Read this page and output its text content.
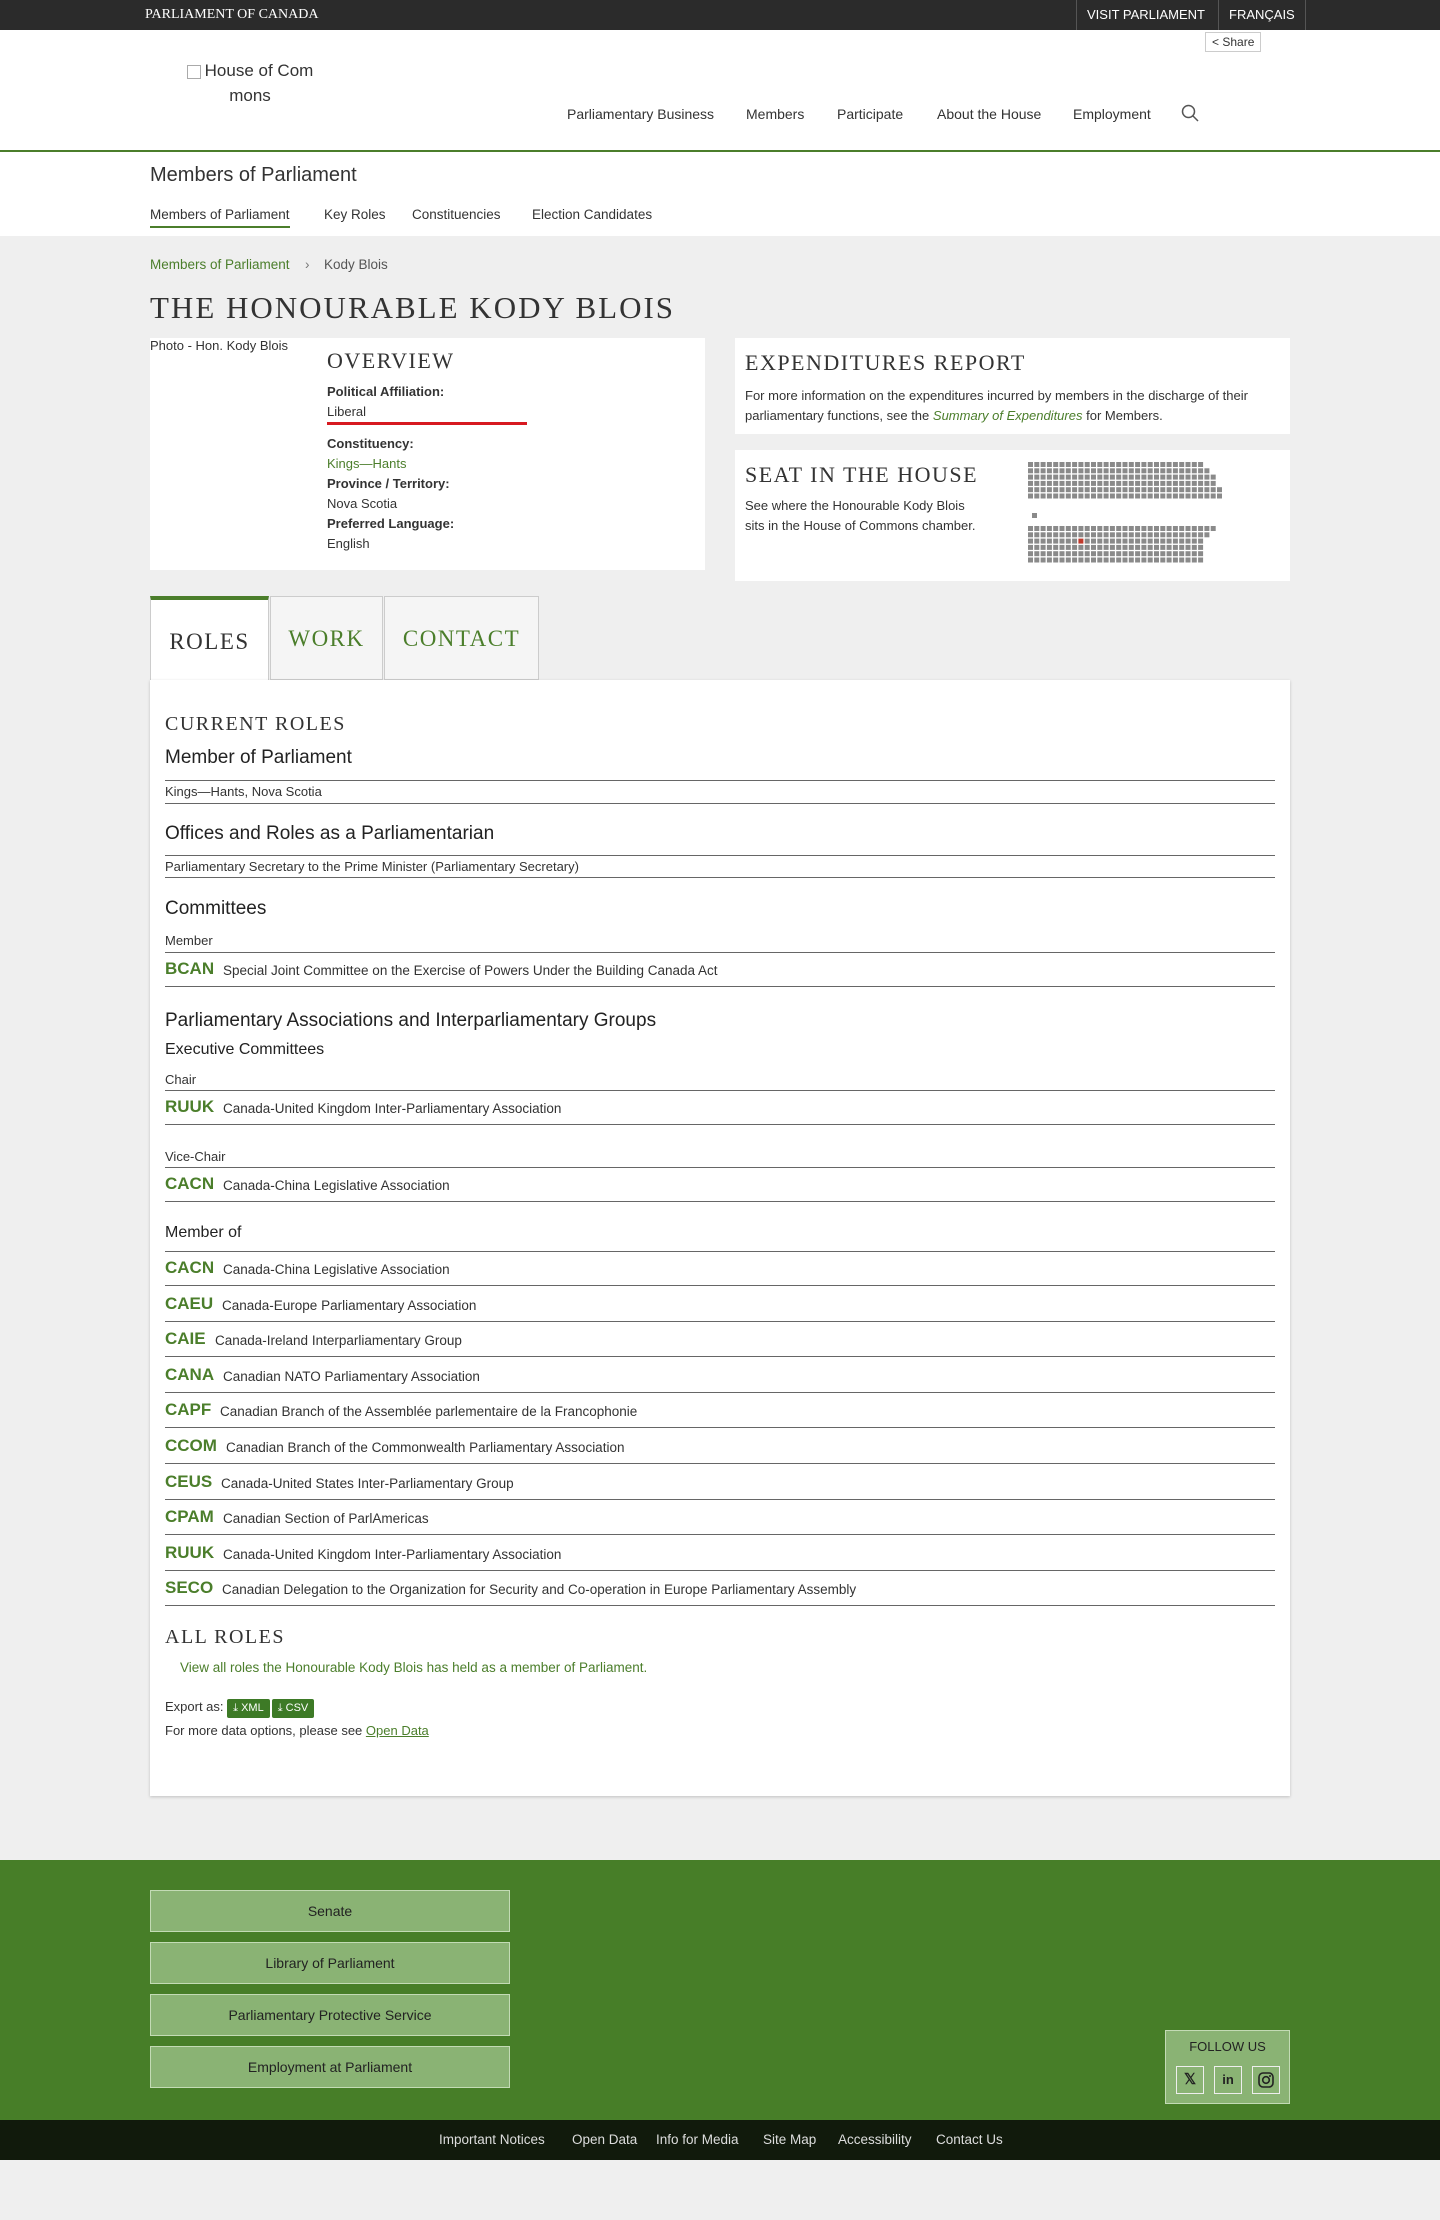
PARLIAMENT OF CANADA	VISIT PARLIAMENT	FRANÇAIS
< Share
House of Com
mons
Parliamentary Business Members Participate About the House Employment
Members of Parliament
Members of Parliament	Key Roles Constituencies Election Candidates
Members of Parliament › Kody Blois
THE HONOURABLE KODY BLOIS
Photo - Hon. Kody Blois
OVERVIEW
Political Affiliation:
Liberal
Constituency:
Kings—Hants
Province / Territory:
Nova Scotia
Preferred Language:
English
EXPENDITURES REPORT
For more information on the expenditures incurred by members in the discharge of their parliamentary functions, see the Summary of Expenditures for Members.
SEAT IN THE HOUSE
See where the Honourable Kody Blois
sits in the House of Commons chamber.
ROLES	WORK	CONTACT
CURRENT ROLES
Member of Parliament
Kings—Hants, Nova Scotia
Offices and Roles as a Parliamentarian
Parliamentary Secretary to the Prime Minister (Parliamentary Secretary)
Committees
Member
BCAN Special Joint Committee on the Exercise of Powers Under the Building Canada Act
Parliamentary Associations and Interparliamentary Groups
Executive Committees
Chair
RUUK Canada-United Kingdom Inter-Parliamentary Association
Vice-Chair
CACN Canada-China Legislative Association
Member of
CACN Canada-China Legislative Association
CAEU Canada-Europe Parliamentary Association
CAIE Canada-Ireland Interparliamentary Group
CANA Canadian NATO Parliamentary Association
CAPF Canadian Branch of the Assemblée parlementaire de la Francophonie
CCOM Canadian Branch of the Commonwealth Parliamentary Association
CEUS Canada-United States Inter-Parliamentary Group
CPAM Canadian Section of ParlAmericas
RUUK Canada-United Kingdom Inter-Parliamentary Association
SECO Canadian Delegation to the Organization for Security and Co-operation in Europe Parliamentary Assembly
ALL ROLES
View all roles the Honourable Kody Blois has held as a member of Parliament.
Export as: ⤓ XML ⤓ CSV
For more data options, please see Open Data
Senate
Library of Parliament
Parliamentary Protective Service
Employment at Parliament
FOLLOW US
𝕏	in
Important Notices Open Data Info for Media Site Map Accessibility Contact Us
